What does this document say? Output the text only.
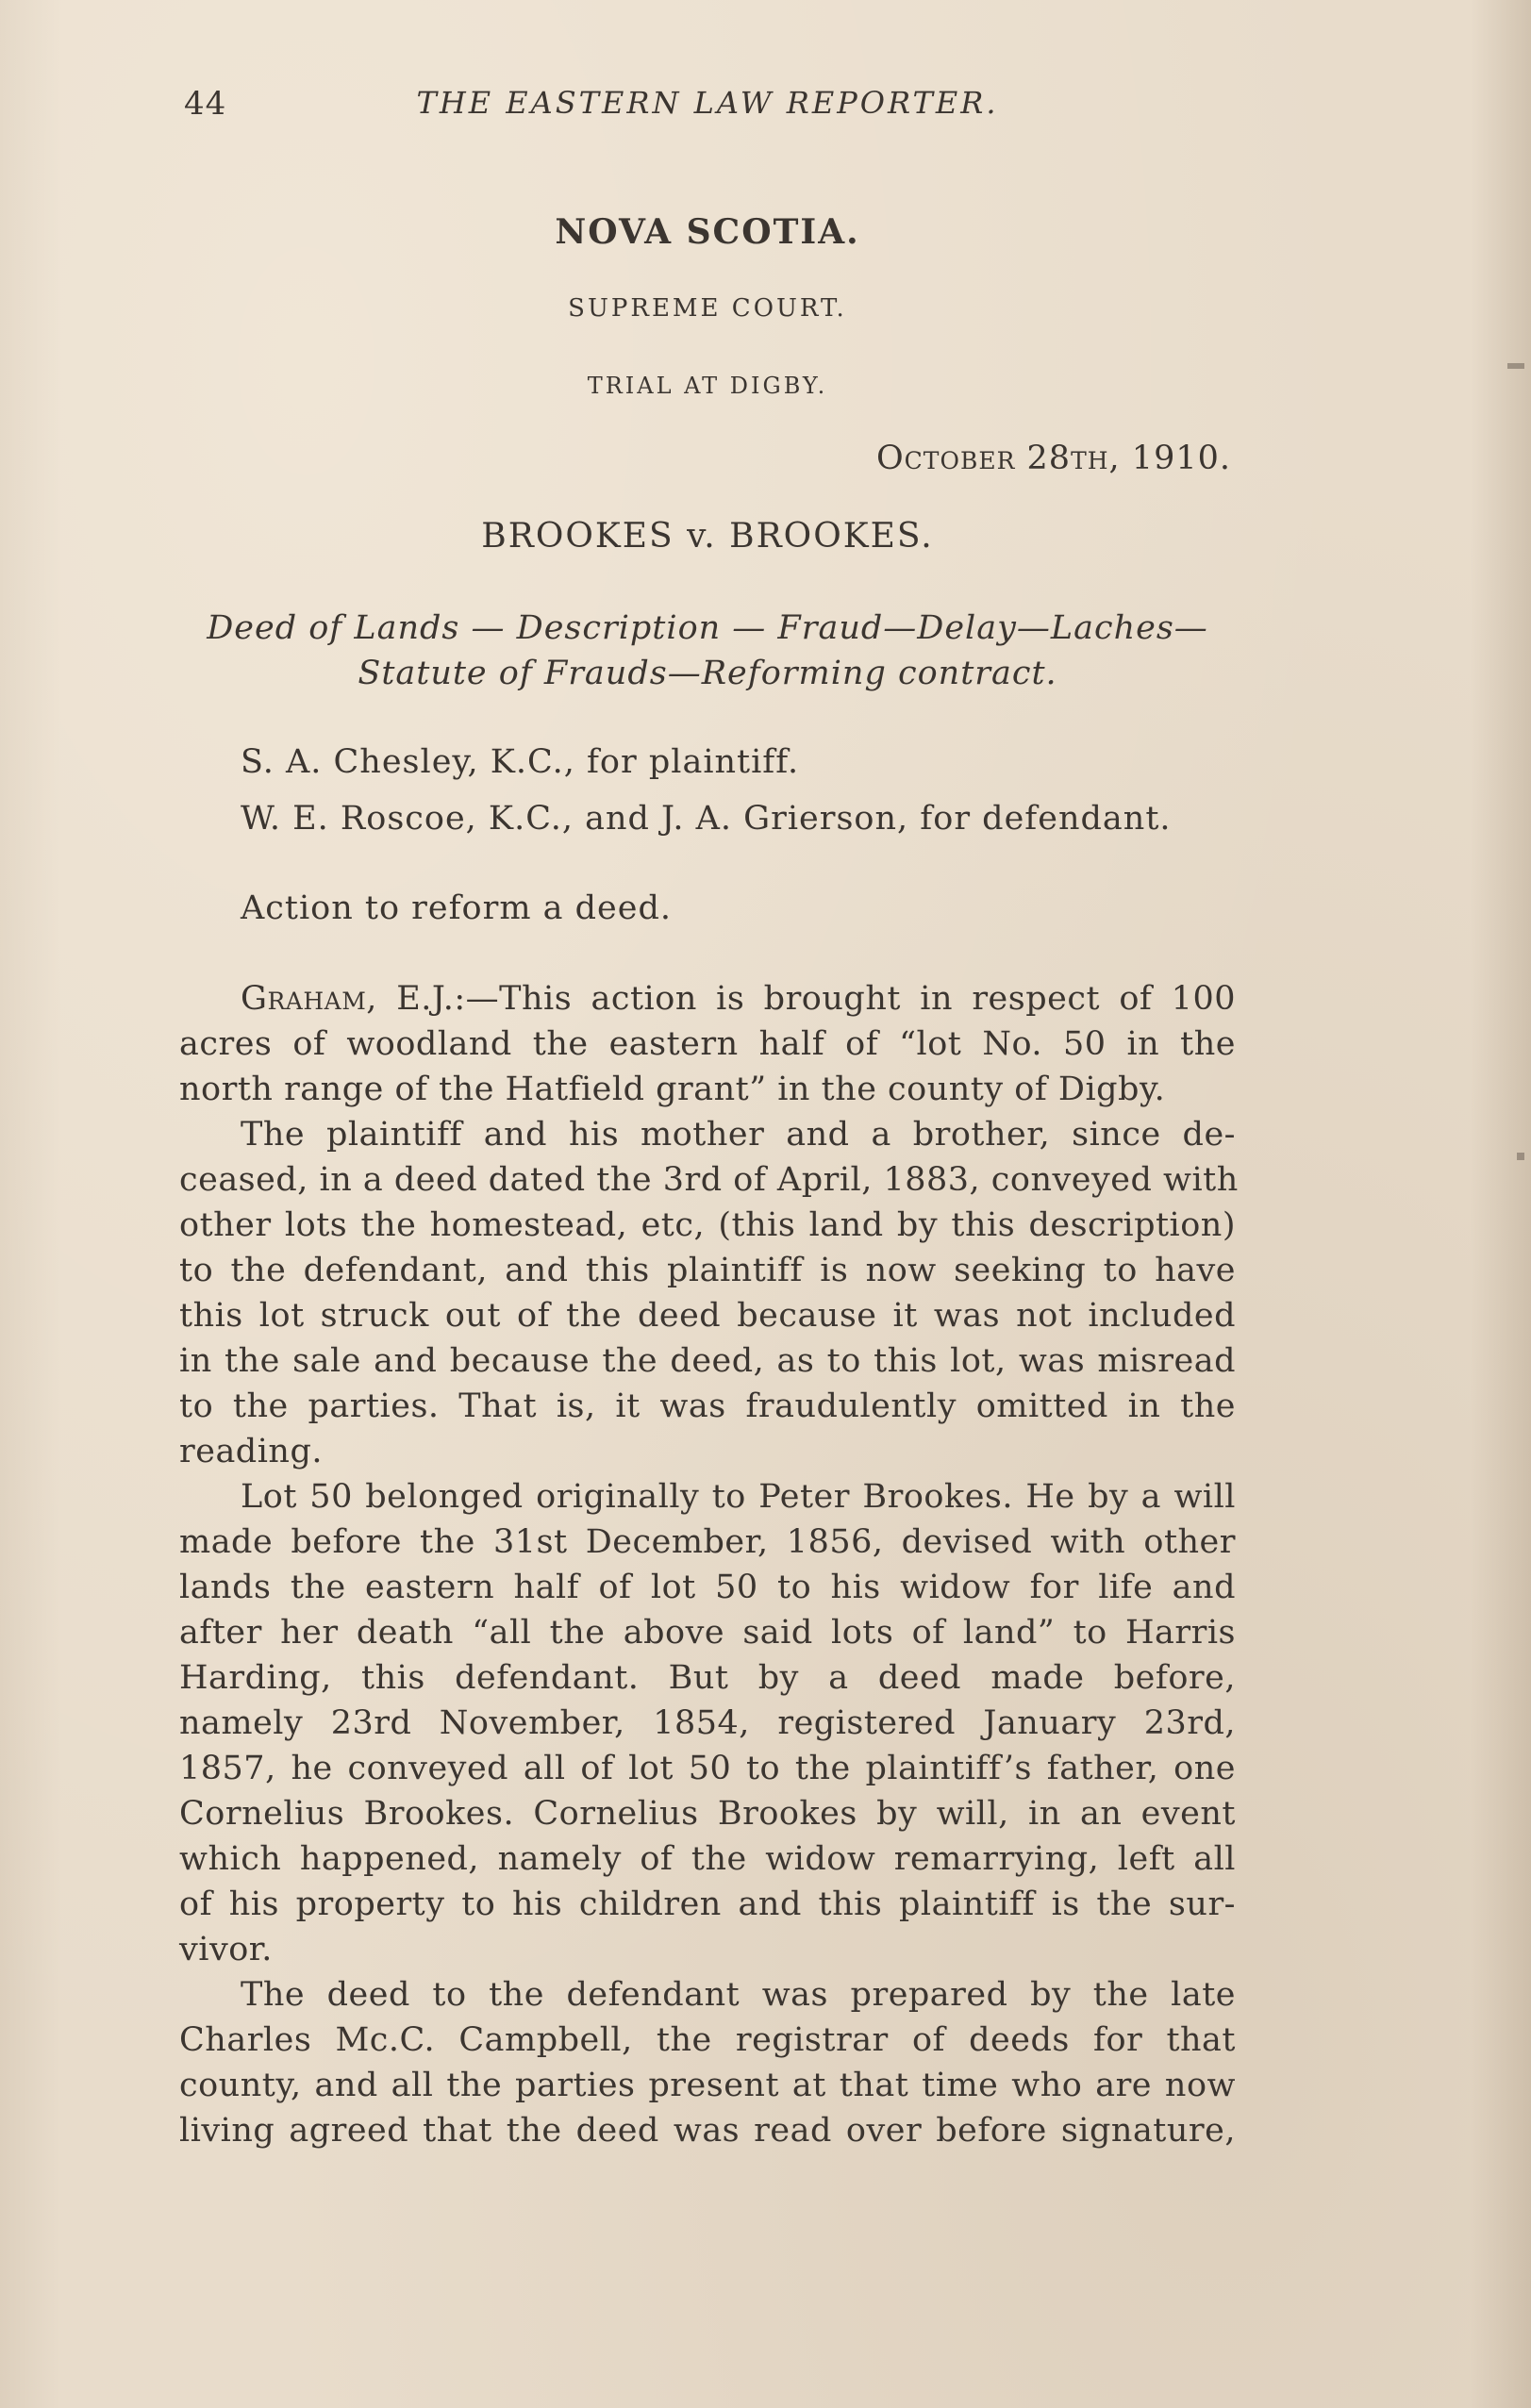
44	THE EASTERN LAW REPORTER.
NOVA SCOTIA.
SUPREME COURT.
TRIAL AT DIGBY.
October 28th, 1910.
BROOKES v. BROOKES.
Deed of Lands — Description — Fraud—Delay—Laches—
Statute of Frauds—Reforming contract.
S. A. Chesley, K.C., for plaintiff.
W. E. Roscoe, K.C., and J. A. Grierson, for defendant.
Action to reform a deed.
Graham, E.J.:—This action is brought in respect of 100
acres of woodland the eastern half of “lot No. 50 in the
north range of the Hatfield grant” in the county of Digby.
The plaintiff and his mother and a brother, since de-
ceased, in a deed dated the 3rd of April, 1883, conveyed with
other lots the homestead, etc, (this land by this description)
to the defendant, and this plaintiff is now seeking to have
this lot struck out of the deed because it was not included
in the sale and because the deed, as to this lot, was misread
to the parties. That is, it was fraudulently omitted in the
reading.
Lot 50 belonged originally to Peter Brookes. He by a will
made before the 31st December, 1856, devised with other
lands the eastern half of lot 50 to his widow for life and
after her death “all the above said lots of land” to Harris
Harding, this defendant. But by a deed made before,
namely 23rd November, 1854, registered January 23rd,
1857, he conveyed all of lot 50 to the plaintiff’s father, one
Cornelius Brookes. Cornelius Brookes by will, in an event
which happened, namely of the widow remarrying, left all
of his property to his children and this plaintiff is the sur-
vivor.
The deed to the defendant was prepared by the late
Charles Mc.C. Campbell, the registrar of deeds for that
county, and all the parties present at that time who are now
living agreed that the deed was read over before signature,
